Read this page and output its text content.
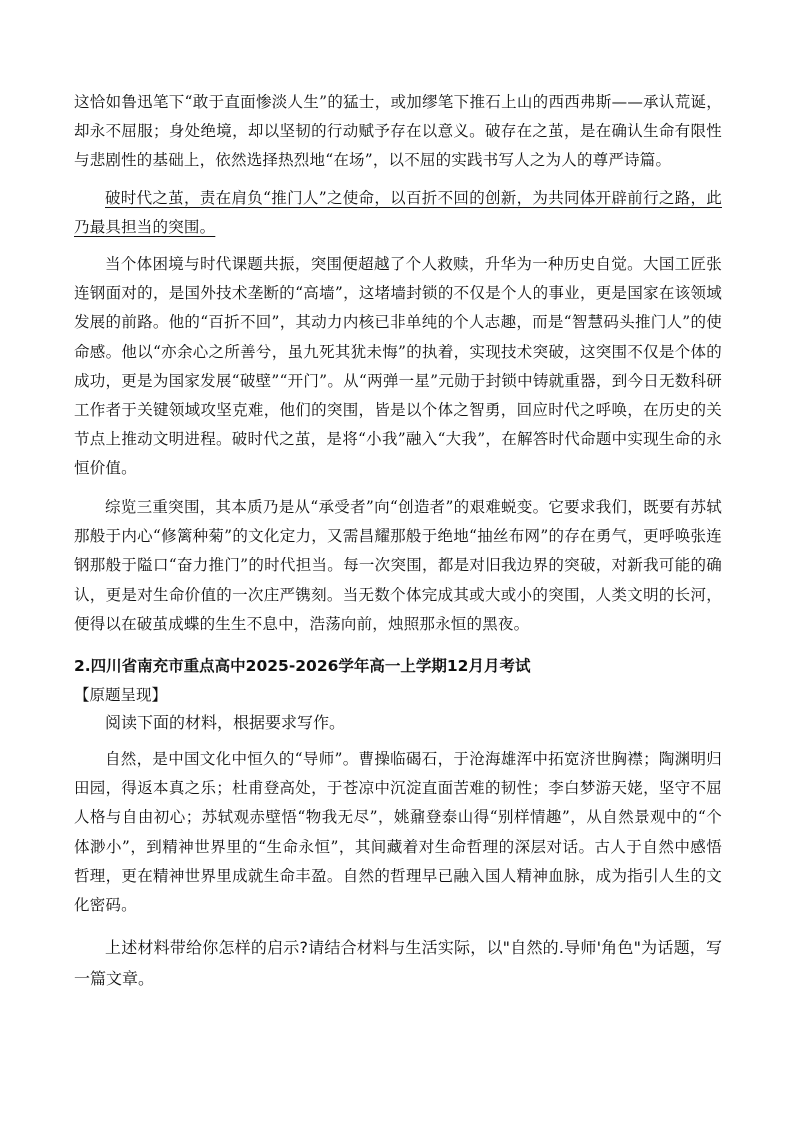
这恰如鲁迅笔下“敢于直面惨淡人生”的猛士，或加缪笔下推石上山的西西弗斯——承认荒诞，却永不屈服；身处绝境，却以坚韧的行动赋予存在以意义。破存在之茧，是在确认生命有限性与悲剧性的基础上，依然选择热烈地“在场”，以不屈的实践书写人之为人的尊严诗篇。

破时代之茧，责在肩负“推门人”之使命，以百折不回的创新，为共同体开辟前行之路，此乃最具担当的突围。

当个体困境与时代课题共振，突围便超越了个人救赎，升华为一种历史自觉。大国工匠张连钢面对的，是国外技术垄断的“高墙”，这堵墙封锁的不仅是个人的事业，更是国家在该领域发展的前路。他的“百折不回”，其动力内核已非单纯的个人志趣，而是“智慧码头推门人”的使命感。他以“亦余心之所善兮，虽九死其犹未悔”的执着，实现技术突破，这突围不仅是个体的成功，更是为国家发展“破壁”“开门”。从“两弹一星”元勋于封锁中铸就重器，到今日无数科研工作者于关键领域攻坚克难，他们的突围，皆是以个体之智勇，回应时代之呼唤，在历史的关节点上推动文明进程。破时代之茧，是将“小我”融入“大我”，在解答时代命题中实现生命的永恒价值。

综览三重突围，其本质乃是从“承受者”向“创造者”的艰难蜕变。它要求我们，既要有苏轼那般于内心“修篱种菊”的文化定力，又需昌耀那般于绝地“抽丝布网”的存在勇气，更呼唤张连钢那般于隘口“奋力推门”的时代担当。每一次突围，都是对旧我边界的突破，对新我可能的确认，更是对生命价值的一次庄严镌刻。当无数个体完成其或大或小的突围，人类文明的长河，便得以在破茧成蝶的生生不息中，浩荡向前，烛照那永恒的黑夜。

2.四川省南充市重点高中2025-2026学年高一上学期12月月考试

【原题呈现】

阅读下面的材料，根据要求写作。

自然，是中国文化中恒久的“导师”。曹操临碣石，于沧海雄浑中拓宽济世胸襟；陶渊明归田园，得返本真之乐；杜甫登高处，于苍凉中沉淀直面苦难的韧性；李白梦游天姥，坚守不屈人格与自由初心；苏轼观赤壁悟“物我无尽”，姚鼐登泰山得“别样情趣”，从自然景观中的“个体渺小”，到精神世界里的“生命永恒”，其间藏着对生命哲理的深层对话。古人于自然中感悟哲理，更在精神世界里成就生命丰盈。自然的哲理早已融入国人精神血脉，成为指引人生的文化密码。

上述材料带给你怎样的启示?请结合材料与生活实际，以"自然的.导师'角色"为话题，写一篇文章。
